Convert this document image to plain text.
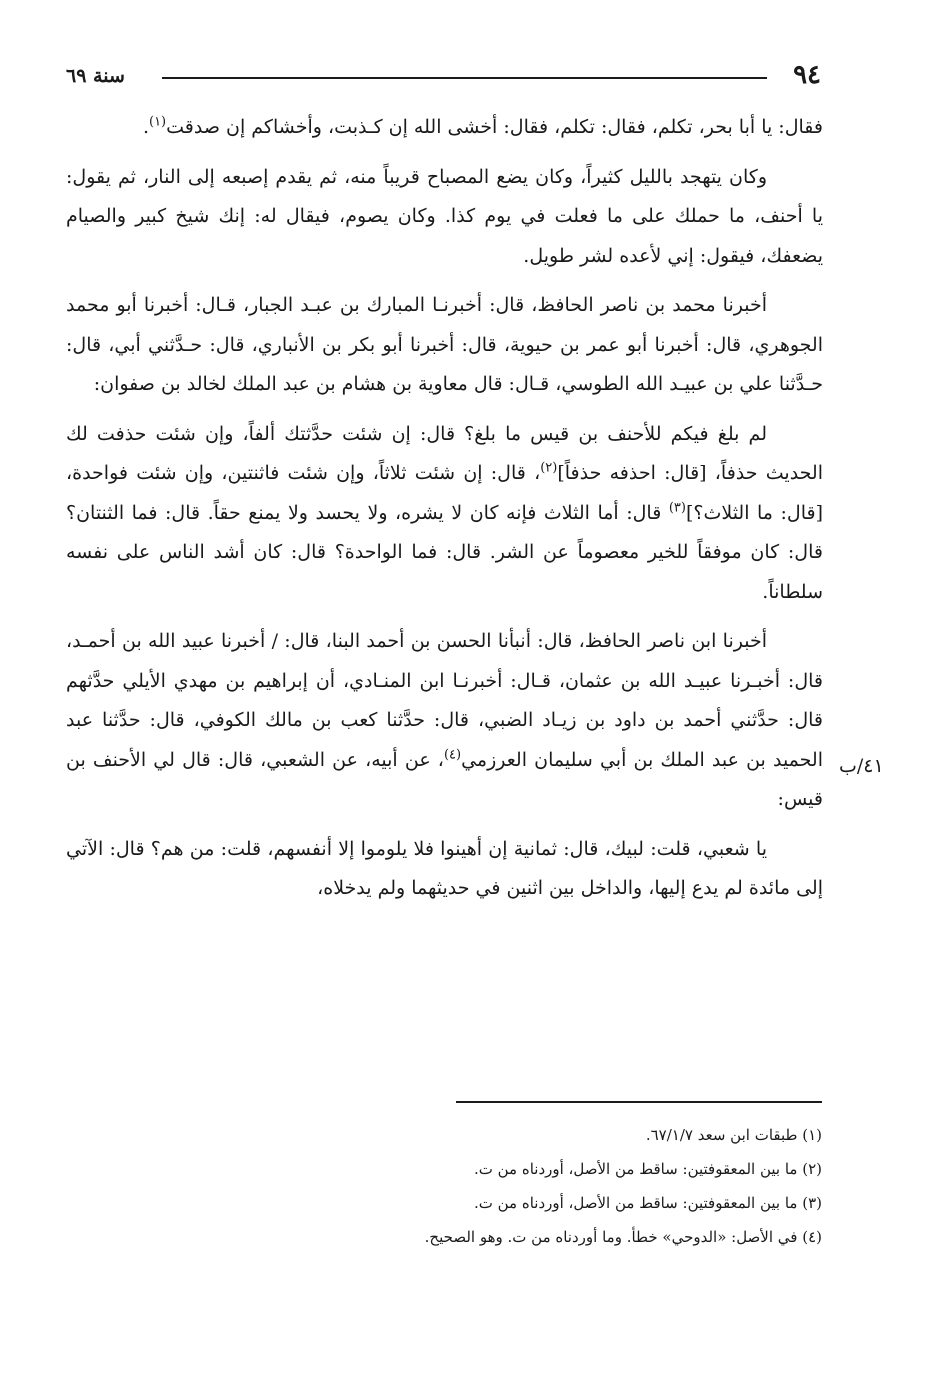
٩٤
سنة ٦٩
٤١/ب

فقال: يا أبا بحر، تكلم، فقال: تكلم، فقال: أخشى الله إن كـذبت، وأخشاكم إن صدقت$^{(١)}$.

وكان يتهجد بالليل كثيراً، وكان يضع المصباح قريباً منه، ثم يقدم إصبعه إلى النار، ثم يقول: يا أحنف، ما حملك على ما فعلت في يوم كذا. وكان يصوم، فيقال له: إنك شيخ كبير والصيام يضعفك، فيقول: إني لأعده لشر طويل.

أخبرنا محمد بن ناصر الحافظ، قال: أخبرنـا المبارك بن عبـد الجبار، قـال: أخبرنا أبو محمد الجوهري، قال: أخبرنا أبو عمر بن حيوية، قال: أخبرنا أبو بكر بن الأنباري، قال: حـدَّثني أبي، قال: حـدَّثنا علي بن عبيـد الله الطوسي، قـال: قال معاوية بن هشام بن عبد الملك لخالد بن صفوان:

لم بلغ فيكم للأحنف بن قيس ما بلغ؟ قال: إن شئت حدَّثتك ألفاً، وإن شئت حذفت لك الحديث حذفاً، [قال: احذفه حذفاً]$^{(٢)}$، قال: إن شئت ثلاثاً، وإن شئت فاثنتين، وإن شئت فواحدة، [قال: ما الثلاث؟]$^{(٣)}$ قال: أما الثلاث فإنه كان لا يشره، ولا يحسد ولا يمنع حقاً. قال: فما الثنتان؟ قال: كان موفقاً للخير معصوماً عن الشر. قال: فما الواحدة؟ قال: كان أشد الناس على نفسه سلطاناً.

أخبرنا ابن ناصر الحافظ، قال: أنبأنا الحسن بن أحمد البنا، قال: / أخبرنا عبيد الله بن أحمـد، قال: أخبـرنا عبيـد الله بن عثمان، قـال: أخبرنـا ابن المنـادي، أن إبراهيم بن مهدي الأيلي حدَّثهم قال: حدَّثني أحمد بن داود بن زيـاد الضبي، قال: حدَّثنا كعب بن مالك الكوفي، قال: حدَّثنا عبد الحميد بن عبد الملك بن أبي سليمان العرزمي$^{(٤)}$، عن أبيه، عن الشعبي، قال: قال لي الأحنف بن قيس:

يا شعبي، قلت: لبيك، قال: ثمانية إن أهينوا فلا يلوموا إلا أنفسهم، قلت: من هم؟ قال: الآتي إلى مائدة لم يدع إليها، والداخل بين اثنين في حديثهما ولم يدخلاه،

(١) طبقات ابن سعد ٦٧/١/٧.
(٢) ما بين المعقوفتين: ساقط من الأصل، أوردناه من ت.
(٣) ما بين المعقوفتين: ساقط من الأصل، أوردناه من ت.
(٤) في الأصل: «الدوحي» خطأ. وما أوردناه من ت. وهو الصحيح.
